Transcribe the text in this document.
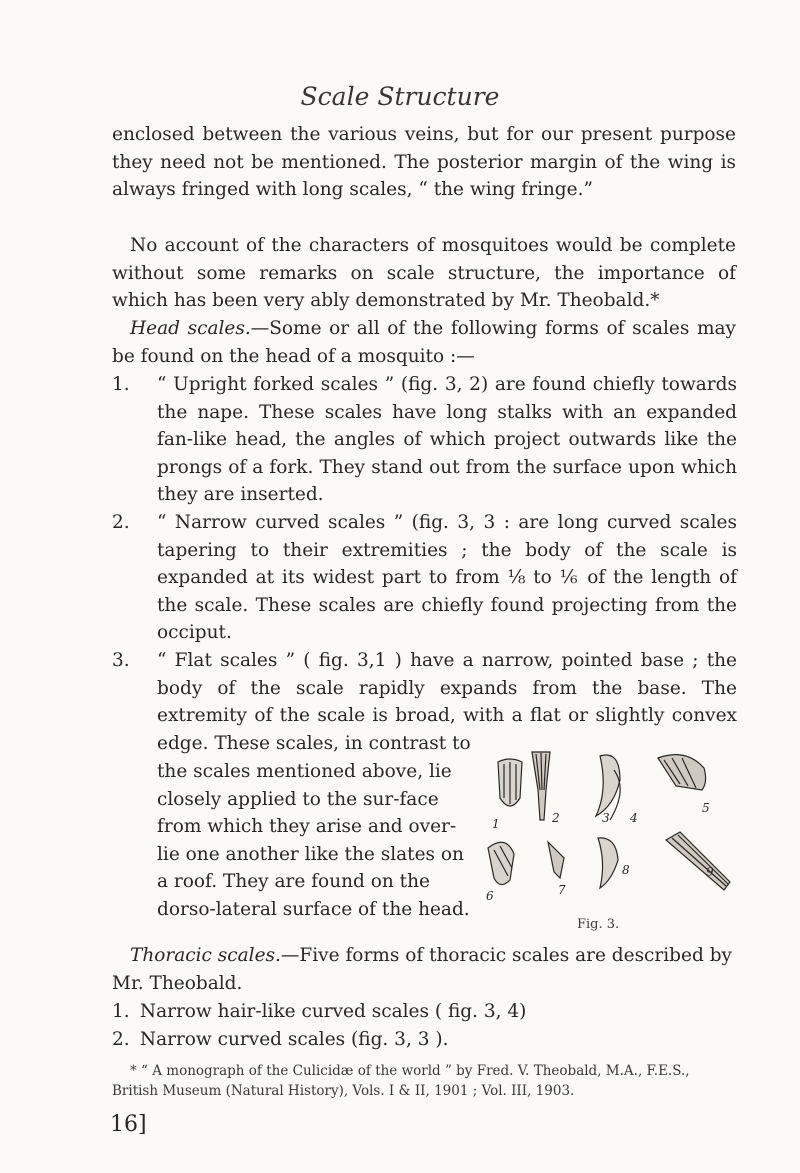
Scale Structure

enclosed between the various veins, but for our present purpose they need not be mentioned. The posterior margin of the wing is always fringed with long scales, “ the wing fringe.”

No account of the characters of mosquitoes would be complete without some remarks on scale structure, the importance of which has been very ably demonstrated by Mr. Theobald.*

Head scales.—Some or all of the following forms of scales may be found on the head of a mosquito :—

1.	“ Upright forked scales ” (fig. 3, 2) are found chiefly towards the nape. These scales have long stalks with an expanded fan-like head, the angles of which project outwards like the prongs of a fork. They stand out from the surface upon which they are inserted.
2.	“ Narrow curved scales ” (fig. 3, 3 : are long curved scales tapering to their extremities ; the body of the scale is expanded at its widest part to from ⅛ to ⅙ of the length of the scale. These scales are chiefly found projecting from the occiput.
3.	“ Flat scales ” ( fig. 3,1 ) have a narrow, pointed base ; the body of the scale rapidly expands from the base. The extremity of the scale is broad, with a flat or slightly convex edge. These scales, in contrast to
the scales mentioned above, lie closely applied to the sur-face from which they arise and over-lie one another like the slates on a roof. They are found on the dorso-lateral surface of the head.
1	2	3 4
5
6	7
8	9
Fig. 3.
Thoracic scales.—Five forms of thoracic scales are described by Mr. Theobald.
1. Narrow hair-like curved scales ( fig. 3, 4)
2. Narrow curved scales (fig. 3, 3 ).
* “ A monograph of the Culicidæ of the world ” by Fred. V. Theobald, M.A., F.E.S., British Museum (Natural History), Vols. I & II, 1901 ; Vol. III, 1903.
16]
